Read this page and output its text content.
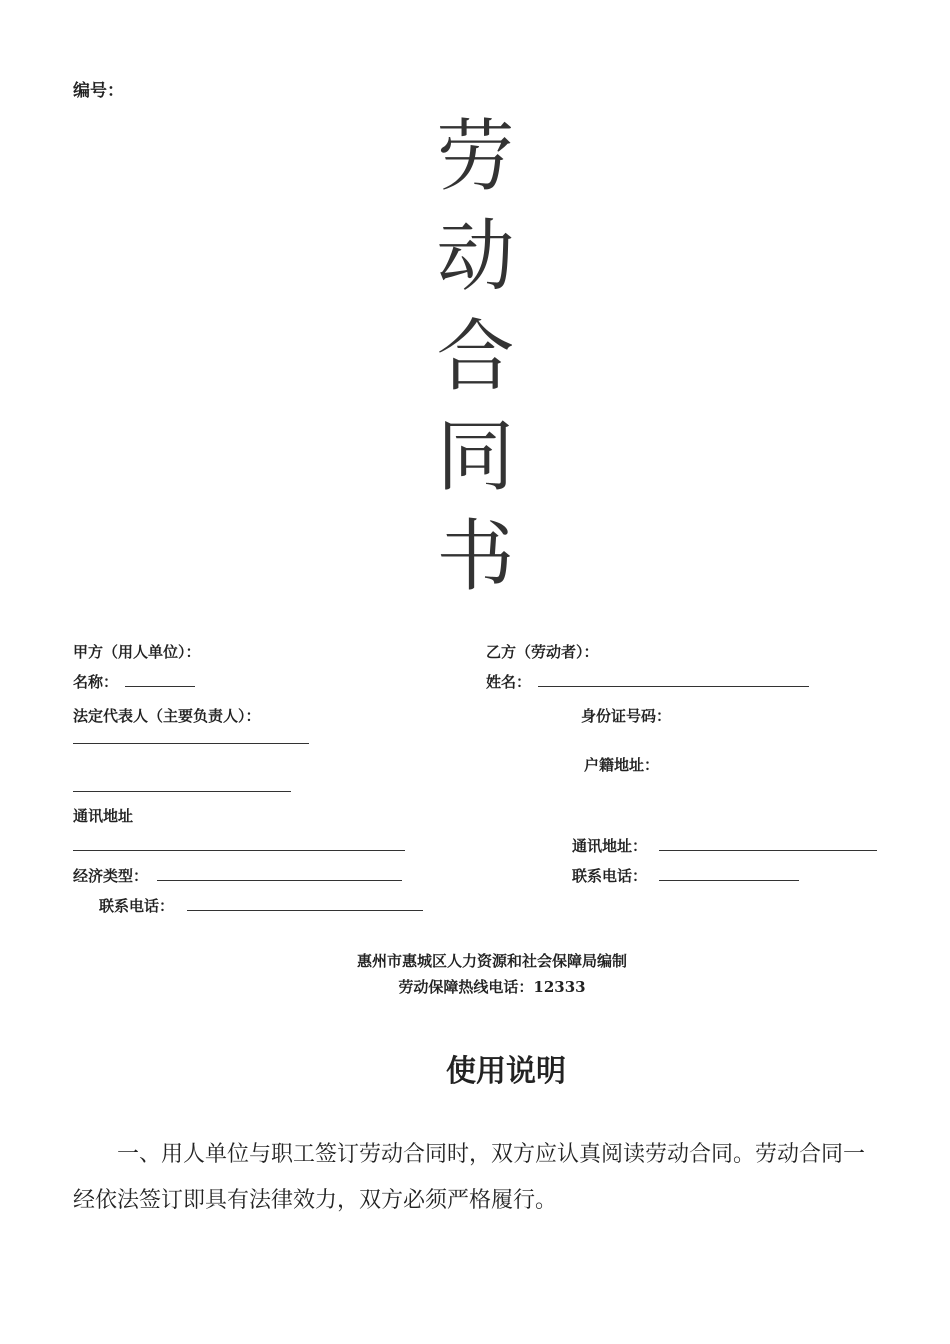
编号：
劳
动
合
同
书
甲方（用人单位）：
名称：
法定代表人（主要负责人）：
通讯地址
经济类型：
联系电话：
乙方（劳动者）：
姓名：
身份证号码：
户籍地址：
通讯地址：
联系电话：
惠州市惠城区人力资源和社会保障局编制
劳动保障热线电话：12333
使用说明
一、用人单位与职工签订劳动合同时，双方应认真阅读劳动合同。劳动合同一经依法签订即具有法律效力，双方必须严格履行。
